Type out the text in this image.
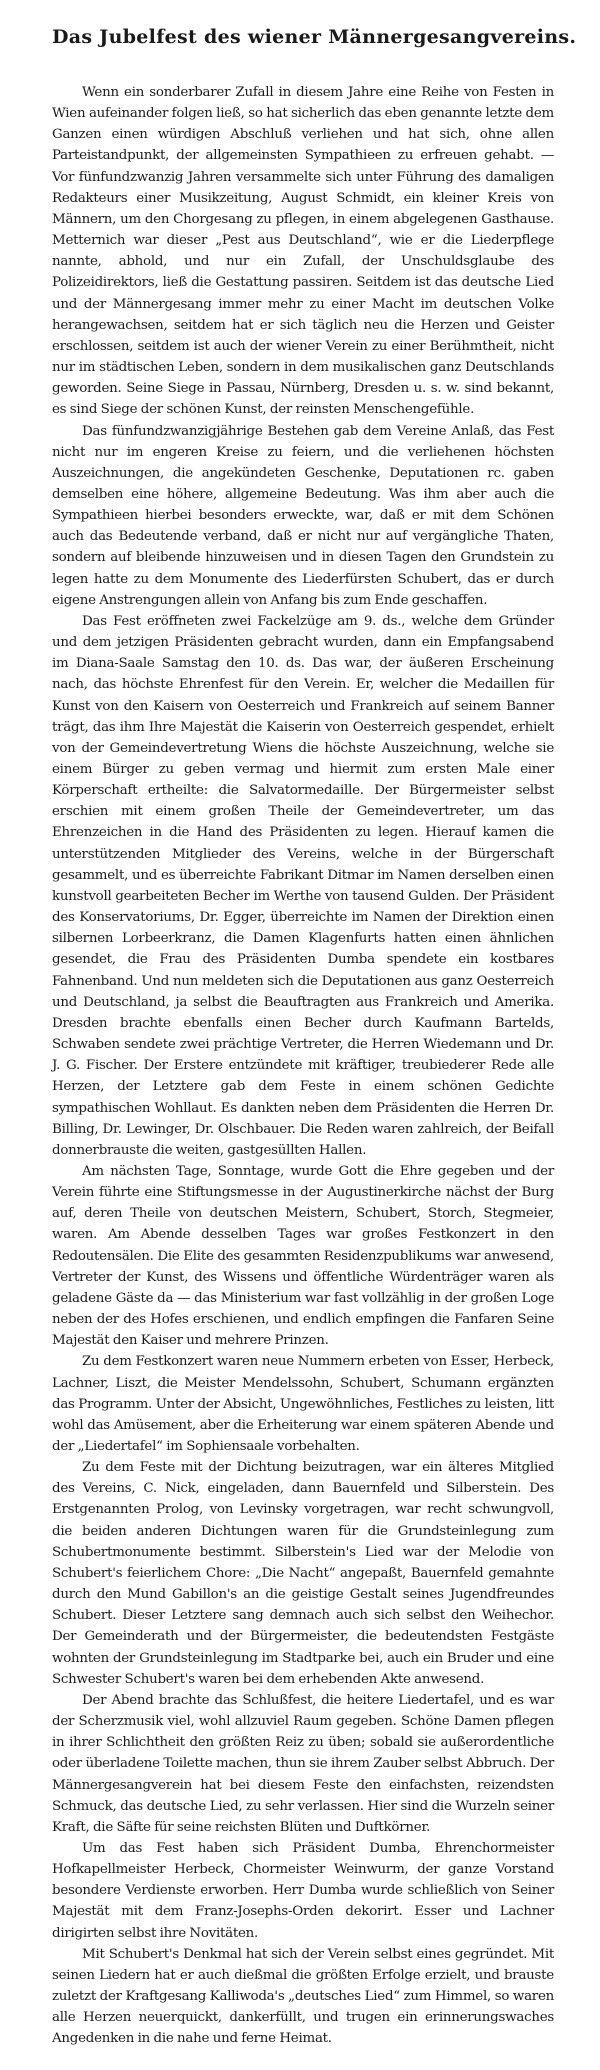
Das Jubelfest des wiener Männergesangvereins.

Wenn ein sonderbarer Zufall in diesem Jahre eine Reihe von Festen in Wien aufeinander folgen ließ, so hat sicherlich das eben genannte letzte dem Ganzen einen würdigen Abschluß verliehen und hat sich, ohne allen Parteistandpunkt, der allgemeinsten Sympathieen zu erfreuen gehabt. — Vor fünfundzwanzig Jahren versammelte sich unter Führung des damaligen Redakteurs einer Musikzeitung, August Schmidt, ein kleiner Kreis von Männern, um den Chorgesang zu pflegen, in einem abgelegenen Gasthause. Metternich war dieser „Pest aus Deutschland“, wie er die Liederpflege nannte, abhold, und nur ein Zufall, der Unschuldsglaube des Polizeidirektors, ließ die Gestattung passiren. Seitdem ist das deutsche Lied und der Männergesang immer mehr zu einer Macht im deutschen Volke herangewachsen, seitdem hat er sich täglich neu die Herzen und Geister erschlossen, seitdem ist auch der wiener Verein zu einer Berühmtheit, nicht nur im städtischen Leben, sondern in dem musikalischen ganz Deutschlands geworden. Seine Siege in Passau, Nürnberg, Dresden u. s. w. sind bekannt, es sind Siege der schönen Kunst, der reinsten Menschengefühle.

Das fünfundzwanzigjährige Bestehen gab dem Vereine Anlaß, das Fest nicht nur im engeren Kreise zu feiern, und die verliehenen höchsten Auszeichnungen, die angekündeten Geschenke, Deputationen rc. gaben demselben eine höhere, allgemeine Bedeutung. Was ihm aber auch die Sympathieen hierbei besonders erweckte, war, daß er mit dem Schönen auch das Bedeutende verband, daß er nicht nur auf vergängliche Thaten, sondern auf bleibende hinzuweisen und in diesen Tagen den Grundstein zu legen hatte zu dem Monumente des Liederfürsten Schubert, das er durch eigene Anstrengungen allein von Anfang bis zum Ende geschaffen.

Das Fest eröffneten zwei Fackelzüge am 9. ds., welche dem Gründer und dem jetzigen Präsidenten gebracht wurden, dann ein Empfangsabend im Diana-Saale Samstag den 10. ds. Das war, der äußeren Erscheinung nach, das höchste Ehrenfest für den Verein. Er, welcher die Medaillen für Kunst von den Kaisern von Oesterreich und Frankreich auf seinem Banner trägt, das ihm Ihre Majestät die Kaiserin von Oesterreich gespendet, erhielt von der Gemeindevertretung Wiens die höchste Auszeichnung, welche sie einem Bürger zu geben vermag und hiermit zum ersten Male einer Körperschaft ertheilte: die Salvatormedaille. Der Bürgermeister selbst erschien mit einem großen Theile der Gemeindevertreter, um das Ehrenzeichen in die Hand des Präsidenten zu legen. Hierauf kamen die unterstützenden Mitglieder des Vereins, welche in der Bürgerschaft gesammelt, und es überreichte Fabrikant Ditmar im Namen derselben einen kunstvoll gearbeiteten Becher im Werthe von tausend Gulden. Der Präsident des Konservatoriums, Dr. Egger, überreichte im Namen der Direktion einen silbernen Lorbeerkranz, die Damen Klagenfurts hatten einen ähnlichen gesendet, die Frau des Präsidenten Dumba spendete ein kostbares Fahnenband. Und nun meldeten sich die Deputationen aus ganz Oesterreich und Deutschland, ja selbst die Beauftragten aus Frankreich und Amerika. Dresden brachte ebenfalls einen Becher durch Kaufmann Bartelds, Schwaben sendete zwei prächtige Vertreter, die Herren Wiedemann und Dr. J. G. Fischer. Der Erstere entzündete mit kräftiger, treubiederer Rede alle Herzen, der Letztere gab dem Feste in einem schönen Gedichte sympathischen Wohllaut. Es dankten neben dem Präsidenten die Herren Dr. Billing, Dr. Lewinger, Dr. Olschbauer. Die Reden waren zahlreich, der Beifall donnerbrauste die weiten, gastgesüllten Hallen.

Am nächsten Tage, Sonntage, wurde Gott die Ehre gegeben und der Verein führte eine Stiftungsmesse in der Augustinerkirche nächst der Burg auf, deren Theile von deutschen Meistern, Schubert, Storch, Stegmeier, waren. Am Abende desselben Tages war großes Festkonzert in den Redoutensälen. Die Elite des gesammten Residenzpublikums war anwesend, Vertreter der Kunst, des Wissens und öffentliche Würdenträger waren als geladene Gäste da — das Ministerium war fast vollzählig in der großen Loge neben der des Hofes erschienen, und endlich empfingen die Fanfaren Seine Majestät den Kaiser und mehrere Prinzen.

Zu dem Festkonzert waren neue Nummern erbeten von Esser, Herbeck, Lachner, Liszt, die Meister Mendelssohn, Schubert, Schumann ergänzten das Programm. Unter der Absicht, Ungewöhnliches, Festliches zu leisten, litt wohl das Amüsement, aber die Erheiterung war einem späteren Abende und der „Liedertafel“ im Sophiensaale vorbehalten.

Zu dem Feste mit der Dichtung beizutragen, war ein älteres Mitglied des Vereins, C. Nick, eingeladen, dann Bauernfeld und Silberstein. Des Erstgenannten Prolog, von Levinsky vorgetragen, war recht schwungvoll, die beiden anderen Dichtungen waren für die Grundsteinlegung zum Schubertmonumente bestimmt. Silberstein's Lied war der Melodie von Schubert's feierlichem Chore: „Die Nacht“ angepaßt, Bauernfeld gemahnte durch den Mund Gabillon's an die geistige Gestalt seines Jugendfreundes Schubert. Dieser Letztere sang demnach auch sich selbst den Weihechor. Der Gemeinderath und der Bürgermeister, die bedeutendsten Festgäste wohnten der Grundsteinlegung im Stadtparke bei, auch ein Bruder und eine Schwester Schubert's waren bei dem erhebenden Akte anwesend.

Der Abend brachte das Schlußfest, die heitere Liedertafel, und es war der Scherzmusik viel, wohl allzuviel Raum gegeben. Schöne Damen pflegen in ihrer Schlichtheit den größten Reiz zu üben; sobald sie außerordentliche oder überladene Toilette machen, thun sie ihrem Zauber selbst Abbruch. Der Männergesangverein hat bei diesem Feste den einfachsten, reizendsten Schmuck, das deutsche Lied, zu sehr verlassen. Hier sind die Wurzeln seiner Kraft, die Säfte für seine reichsten Blüten und Duftkörner.

Um das Fest haben sich Präsident Dumba, Ehrenchormeister Hofkapellmeister Herbeck, Chormeister Weinwurm, der ganze Vorstand besondere Verdienste erworben. Herr Dumba wurde schließlich von Seiner Majestät mit dem Franz-Josephs-Orden dekorirt. Esser und Lachner dirigirten selbst ihre Novitäten.

Mit Schubert's Denkmal hat sich der Verein selbst eines gegründet. Mit seinen Liedern hat er auch dießmal die größten Erfolge erzielt, und brauste zuletzt der Kraftgesang Kalliwoda's „deutsches Lied“ zum Himmel, so waren alle Herzen neuerquickt, dankerfüllt, und trugen ein erinnerungswaches Angedenken in die nahe und ferne Heimat.
